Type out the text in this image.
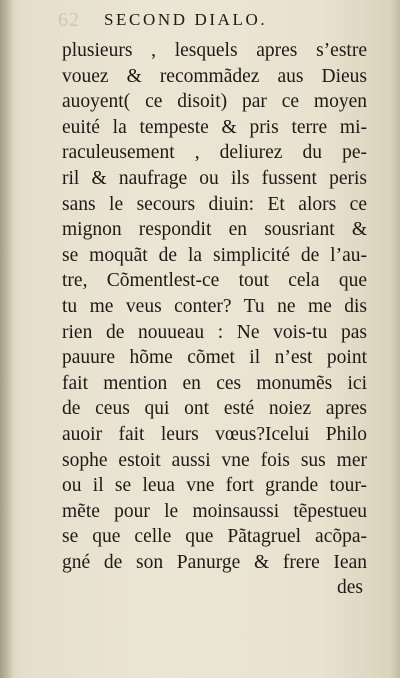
62 SECOND DIALO.
plusieurs , lesquels apres s’estre
vouez & recommãdez aus Dieus
auoyent( ce disoit) par ce moyen
euité la tempeste & pris terre mi-
raculeusement , deliurez du pe-
ril & naufrage ou ils fussent peris
sans le secours diuin: Et alors ce
mignon respondit en sousriant &
se moquãt de la simplicité de l’au-
tre, Cõmentlest-ce tout cela que
tu me veus conter? Tu ne me dis
rien de nouueau : Ne vois-tu pas
pauure hõme cõmet il n’est point
fait mention en ces monumẽs ici
de ceus qui ont esté noiez apres
auoir fait leurs vœus?Icelui Philo
sophe estoit aussi vne fois sus mer
ou il se leua vne fort grande tour-
mẽte pour le moinsaussi tẽpestueu
se que celle que Pãtagruel acõpa-
gné de son Panurge & frere Iean
des
